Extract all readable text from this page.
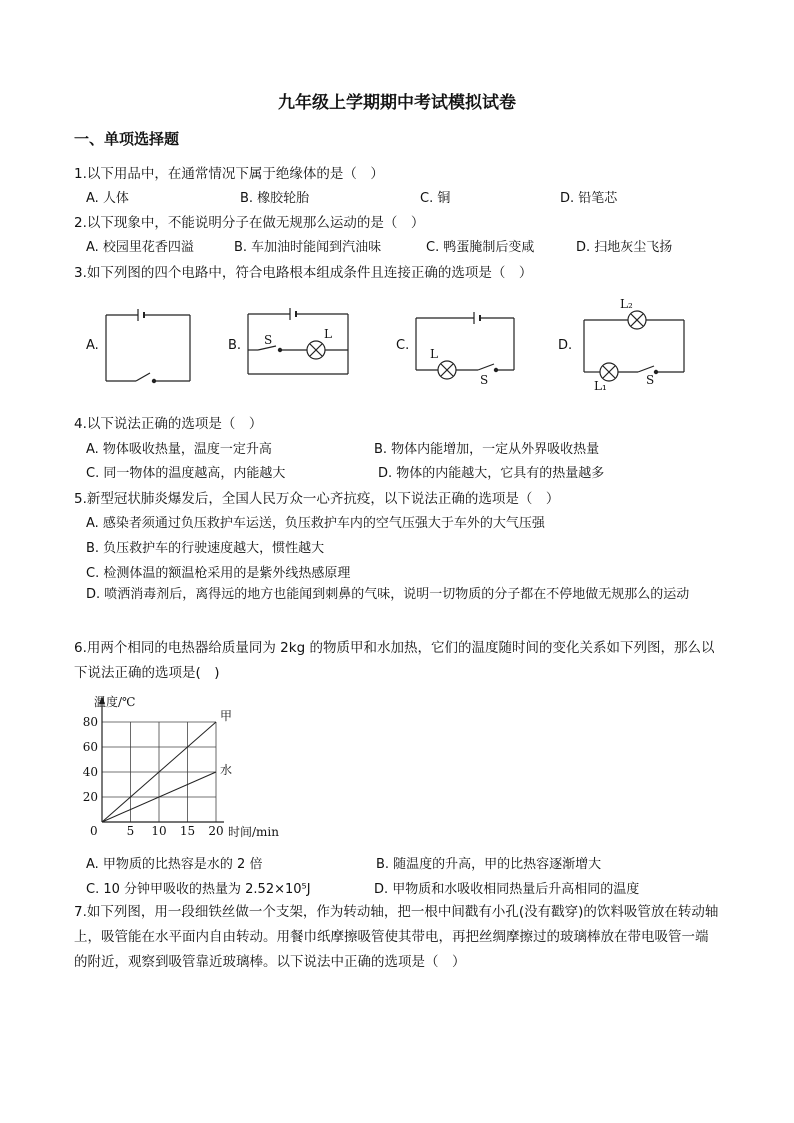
九年级上学期期中考试模拟试卷
一、单项选择题
1.以下用品中，在通常情况下属于绝缘体的是（　）
A. 人体	B. 橡胶轮胎	C. 铜	D. 铅笔芯
2.以下现象中，不能说明分子在做无规那么运动的是（　）
A. 校园里花香四溢	B. 车加油时能闻到汽油味	C. 鸭蛋腌制后变咸	D. 扫地灰尘飞扬
3.如下列图的四个电路中，符合电路根本组成条件且连接正确的选项是（　）
A.	B. S	L
C.
L
S
D.
L₂
L₁	S
4.以下说法正确的选项是（　）
A. 物体吸收热量，温度一定升高	B. 物体内能增加，一定从外界吸收热量
C. 同一物体的温度越高，内能越大	D. 物体的内能越大，它具有的热量越多
5.新型冠状肺炎爆发后，全国人民万众一心齐抗疫，以下说法正确的选项是（　）
A. 感染者须通过负压救护车运送，负压救护车内的空气压强大于车外的大气压强
B. 负压救护车的行驶速度越大，惯性越大
C. 检测体温的额温枪采用的是紫外线热感原理
D. 喷洒消毒剂后，离得远的地方也能闻到刺鼻的气味，说明一切物质的分子都在不停地做无规那么的运动
6.用两个相同的电热器给质量同为 2kg 的物质甲和水加热，它们的温度随时间的变化关系如下列图，那么以下说法正确的选项是(　)
5 10 15 20
20
40
60
80	甲
水
温度/℃
时间/min
0
A. 甲物质的比热容是水的 2 倍	B. 随温度的升高，甲的比热容逐渐增大
C. 10 分钟甲吸收的热量为 2.52×10⁵J	D. 甲物质和水吸收相同热量后升高相同的温度
7.如下列图，用一段细铁丝做一个支架，作为转动轴，把一根中间戳有小孔(没有戳穿)的饮料吸管放在转动轴上，吸管能在水平面内自由转动。用餐巾纸摩擦吸管使其带电，再把丝绸摩擦过的玻璃棒放在带电吸管一端的附近，观察到吸管靠近玻璃棒。以下说法中正确的选项是（　）
